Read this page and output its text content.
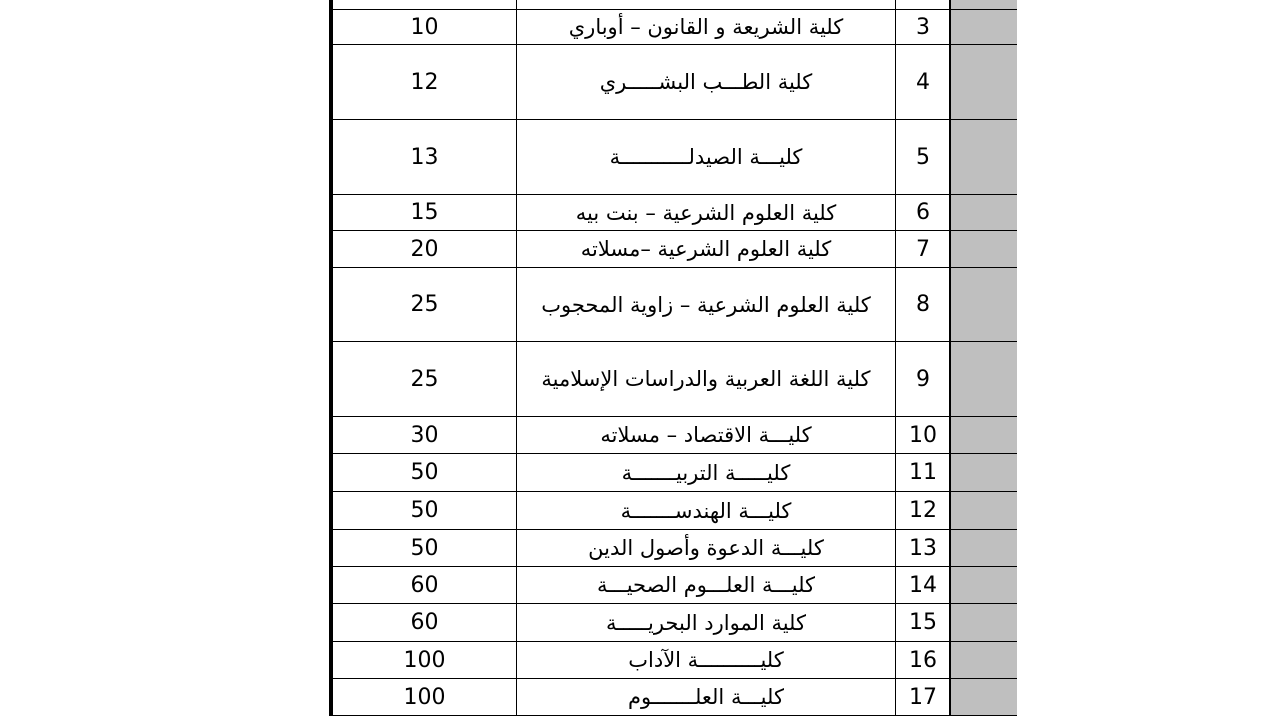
10	كلية الشريعة و القانون – أوباري	3	
12	كلية الطـــب البشـــــري	4	
13	كليـــة الصيدلـــــــــــة	5	
15	كلية العلوم الشرعية – بنت بيه	6	
20	كلية العلوم الشرعية –مسلاته	7	
25	كلية العلوم الشرعية – زاوية المحجوب	8	
25	كلية اللغة العربية والدراسات الإسلامية	9	
30	كليـــة الاقتصاد – مسلاته	10	
50	كليـــــة التربيـــــــة	11	
50	كليـــة الهندســـــــة	12	
50	كليـــة الدعوة وأصول الدين	13	
60	كليـــة العلـــوم الصحيـــة	14	
60	كلية الموارد البحريـــــة	15	
100	كليــــــــــة الآداب	16	
100	كليـــة العلـــــــوم	17	
